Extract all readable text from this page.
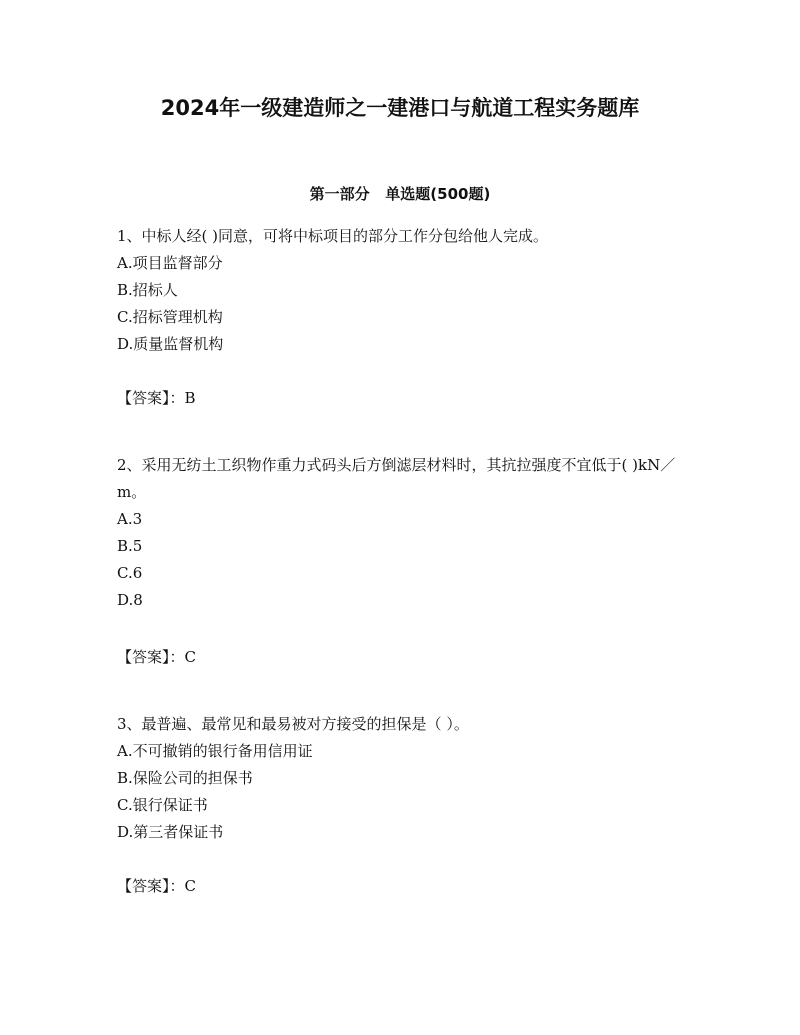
2024年一级建造师之一建港口与航道工程实务题库
第一部分   单选题(500题)

1、中标人经( )同意，可将中标项目的部分工作分包给他人完成。

A.项目监督部分

B.招标人

C.招标管理机构

D.质量监督机构

【答案】：B

2、采用无纺土工织物作重力式码头后方倒滤层材料时，其抗拉强度不宜低于( )kN／m。

A.3

B.5

C.6

D.8

【答案】：C

3、最普遍、最常见和最易被对方接受的担保是（ ）。

A.不可撤销的银行备用信用证

B.保险公司的担保书

C.银行保证书

D.第三者保证书

【答案】：C
